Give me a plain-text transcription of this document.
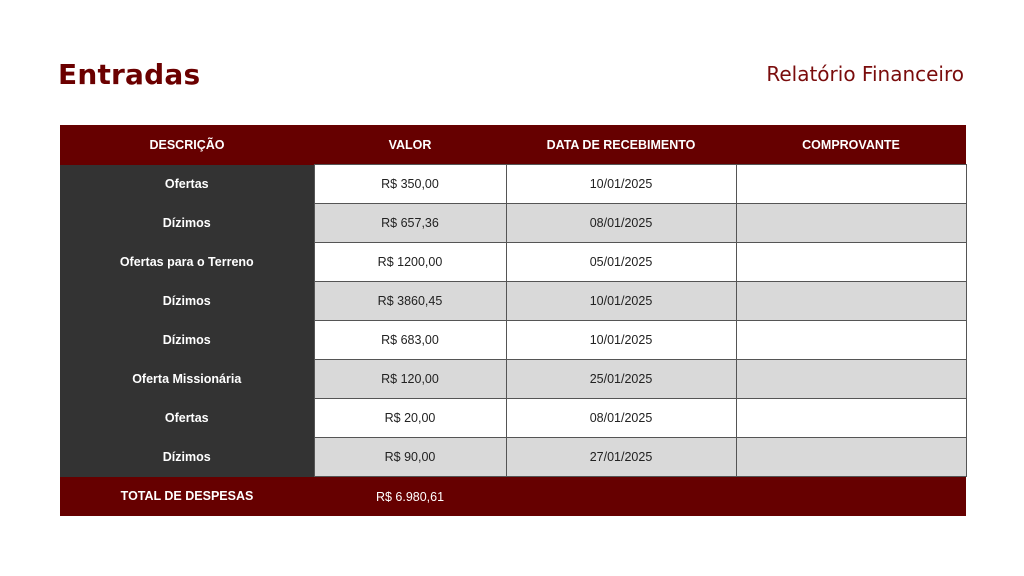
Entradas	Relatório Financeiro
DESCRIÇÃO	VALOR	DATA DE RECEBIMENTO	COMPROVANTE
Ofertas	R$ 350,00	10/01/2025	
Dízimos	R$ 657,36	08/01/2025	
Ofertas para o Terreno	R$ 1200,00	05/01/2025	
Dízimos	R$ 3860,45	10/01/2025	
Dízimos	R$ 683,00	10/01/2025	
Oferta Missionária	R$ 120,00	25/01/2025	
Ofertas	R$ 20,00	08/01/2025	
Dízimos	R$ 90,00	27/01/2025	
TOTAL DE DESPESAS	R$ 6.980,61		
